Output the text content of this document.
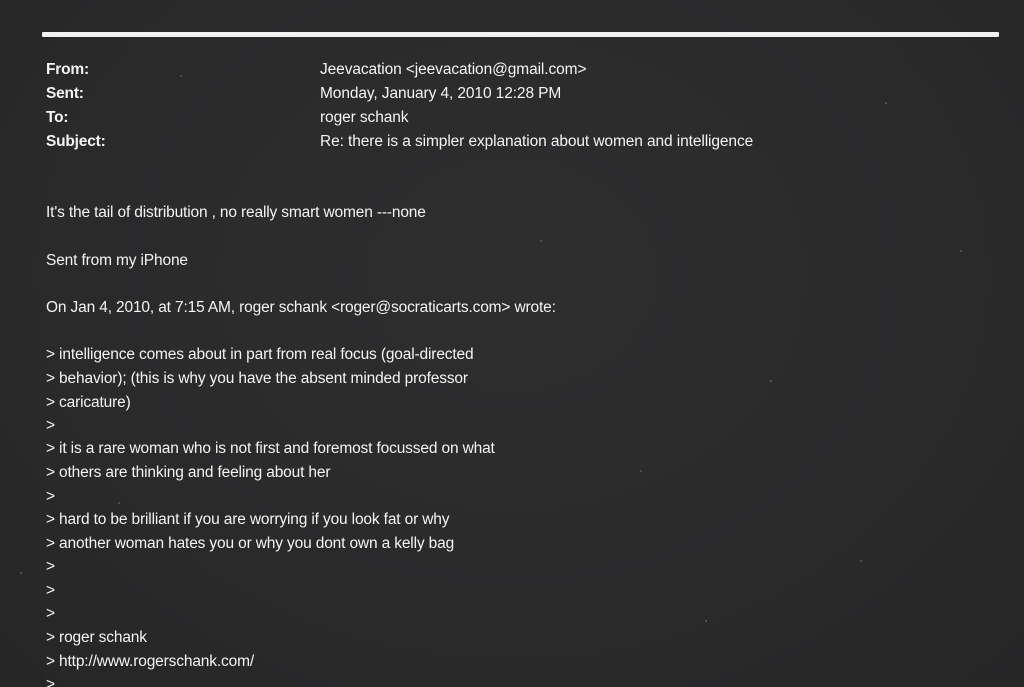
From:	Jeevacation <jeevacation@gmail.com>
Sent:	Monday, January 4, 2010 12:28 PM
To:	roger schank
Subject:	Re: there is a simpler explanation about women and intelligence
It's the tail of distribution , no really smart women ---none
Sent from my iPhone
On Jan 4, 2010, at 7:15 AM, roger schank <roger@socraticarts.com> wrote:
> intelligence comes about in part from real focus (goal-directed
> behavior); (this is why you have the absent minded professor
> caricature)
>
> it is a rare woman who is not first and foremost focussed on what
> others are thinking and feeling about her
>
> hard to be brilliant if you are worrying if you look fat or why
> another woman hates you or why you dont own a kelly bag
>
>
>
> roger schank
> http://www.rogerschank.com/
>
